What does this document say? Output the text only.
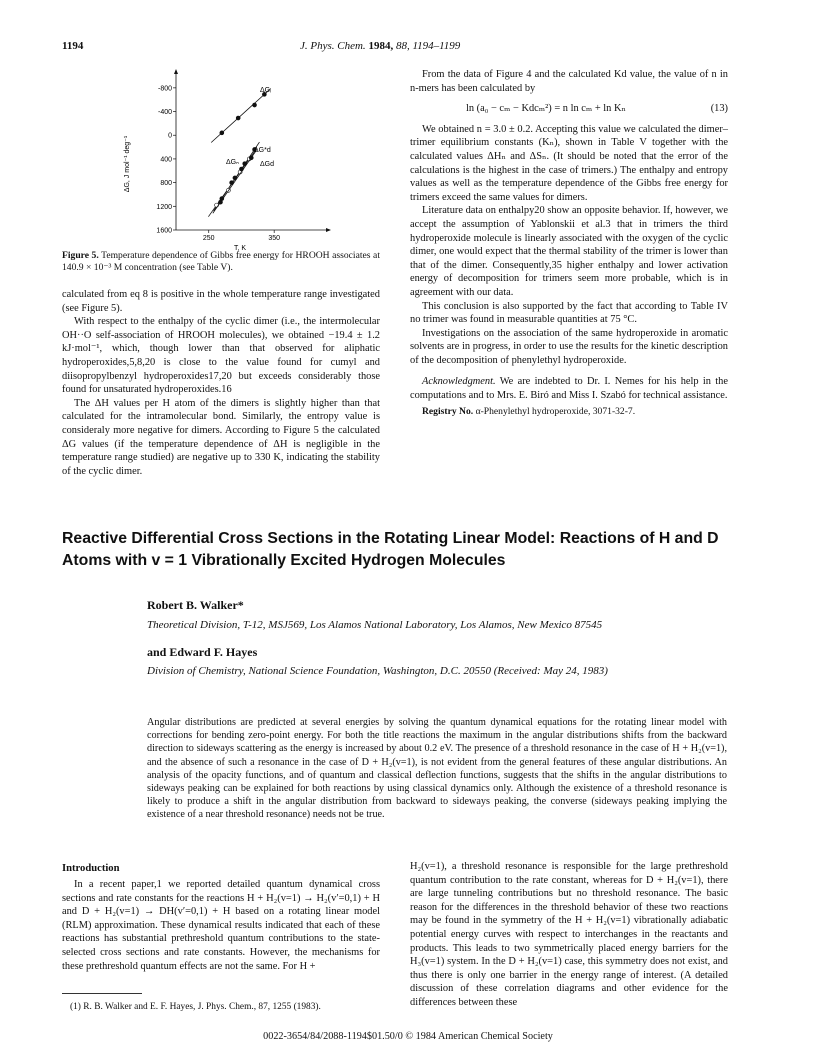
1194	J. Phys. Chem. 1984, 88, 1194–1199
1600
1200
800
400
0
-400
-800
250	350
T, K
ΔG, J mol⁻¹ deg⁻¹
ΔGᵢ
ΔG*d
ΔGₙ	ΔGd
Figure 5. Temperature dependence of Gibbs free energy for HROOH associates at 140.9 × 10⁻³ M concentration (see Table V).

calculated from eq 8 is positive in the whole temperature range investigated (see Figure 5).

With respect to the enthalpy of the cyclic dimer (i.e., the intermolecular OH··O self-association of HROOH molecules), we obtained −19.4 ± 1.2 kJ·mol⁻¹, which, though lower than that observed for aliphatic hydroperoxides,5,8,20 is close to the value found for cumyl and diisopropylbenzyl hydroperoxides17,20 but exceeds considerably those found for unsaturated hydroperoxides.16

The ΔH values per H atom of the dimers is slightly higher than that calculated for the intramolecular bond. Similarly, the entropy value is consideraly more negative for dimers. According to Figure 5 the calculated ΔG values (if the temperature dependence of ΔH is negligible in the temperature range studied) are negative up to 330 K, indicating the stability of the cyclic dimer.

From the data of Figure 4 and the calculated Kd value, the value of n in n-mers has been calculated by

ln (a₀ − cₘ − Kdcₘ²) = n ln cₘ + ln Kₙ	(13)

We obtained n = 3.0 ± 0.2. Accepting this value we calculated the dimer–trimer equilibrium constants (Kₙ), shown in Table V together with the calculated values ΔHₙ and ΔSₙ. (It should be noted that the error of the calculations is the highest in the case of trimers.) The enthalpy and entropy values as well as the temperature dependence of the Gibbs free energy for trimers exceed the same values for dimers.

Literature data on enthalpy20 show an opposite behavior. If, however, we accept the assumption of Yablonskii et al.3 that in trimers the third hydroperoxide molecule is linearly associated with the oxygen of the cyclic dimer, one would expect that the thermal stability of the trimer is lower than that of the dimer. Consequently,35 higher enthalpy and lower activation energy of decomposition for trimers seem more probable, which is in agreement with our data.

This conclusion is also supported by the fact that according to Table IV no trimer was found in measurable quantities at 75 °C.

Investigations on the association of the same hydroperoxide in aromatic solvents are in progress, in order to use the results for the kinetic description of the decomposition of phenylethyl hydroperoxide.

Acknowledgment. We are indebted to Dr. I. Nemes for his help in the computations and to Mrs. E. Biró and Miss I. Szabó for technical assistance.

Registry No. α-Phenylethyl hydroperoxide, 3071-32-7.

Reactive Differential Cross Sections in the Rotating Linear Model: Reactions of H and D Atoms with v = 1 Vibrationally Excited Hydrogen Molecules
Robert B. Walker*
Theoretical Division, T-12, MSJ569, Los Alamos National Laboratory, Los Alamos, New Mexico 87545
and Edward F. Hayes
Division of Chemistry, National Science Foundation, Washington, D.C. 20550 (Received: May 24, 1983)
Angular distributions are predicted at several energies by solving the quantum dynamical equations for the rotating linear model with corrections for bending zero-point energy. For both the title reactions the maximum in the angular distributions shifts from the backward direction to sideways scattering as the energy is increased by about 0.2 eV. The presence of a threshold resonance in the case of H + H₂(v=1), and the absence of such a resonance in the case of D + H₂(v=1), is not evident from the general features of these angular distributions. An analysis of the opacity functions, and of quantum and classical deflection functions, suggests that the shifts in the angular distributions to sideways peaking can be explained for both reactions by using classical dynamics only. Although the existence of a threshold resonance is likely to produce a shift in the angular distribution from backward to sideways peaking, the converse (sideways peaking implying the existence of a near threshold resonance) needs not be true.
Introduction

In a recent paper,1 we reported detailed quantum dynamical cross sections and rate constants for the reactions H + H₂(v=1) → H₂(v′=0,1) + H and D + H₂(v=1) → DH(v′=0,1) + H based on a rotating linear model (RLM) approximation. These dynamical results indicated that each of these reactions has substantial prethreshold quantum contributions to the state-selected cross sections and rate constants. However, the mechanisms for these prethreshold quantum effects are not the same. For H +

H₂(v=1), a threshold resonance is responsible for the large prethreshold quantum contribution to the rate constant, whereas for D + H₂(v=1), there are large tunneling contributions but no threshold resonance. The basic reason for the differences in the threshold behavior of these two reactions may be found in the symmetry of the H + H₂(v=1) vibrationally adiabatic potential energy curves with respect to interchanges in the reactants and products. This leads to two symmetrically placed energy barriers for the H₃(v=1) system. In the D + H₂(v=1) case, this symmetry does not exist, and thus there is only one barrier in the energy range of interest. (A detailed discussion of these correlation diagrams and other evidence for the differences between these

(1) R. B. Walker and E. F. Hayes, J. Phys. Chem., 87, 1255 (1983).
0022-3654/84/2088-1194$01.50/0 © 1984 American Chemical Society
